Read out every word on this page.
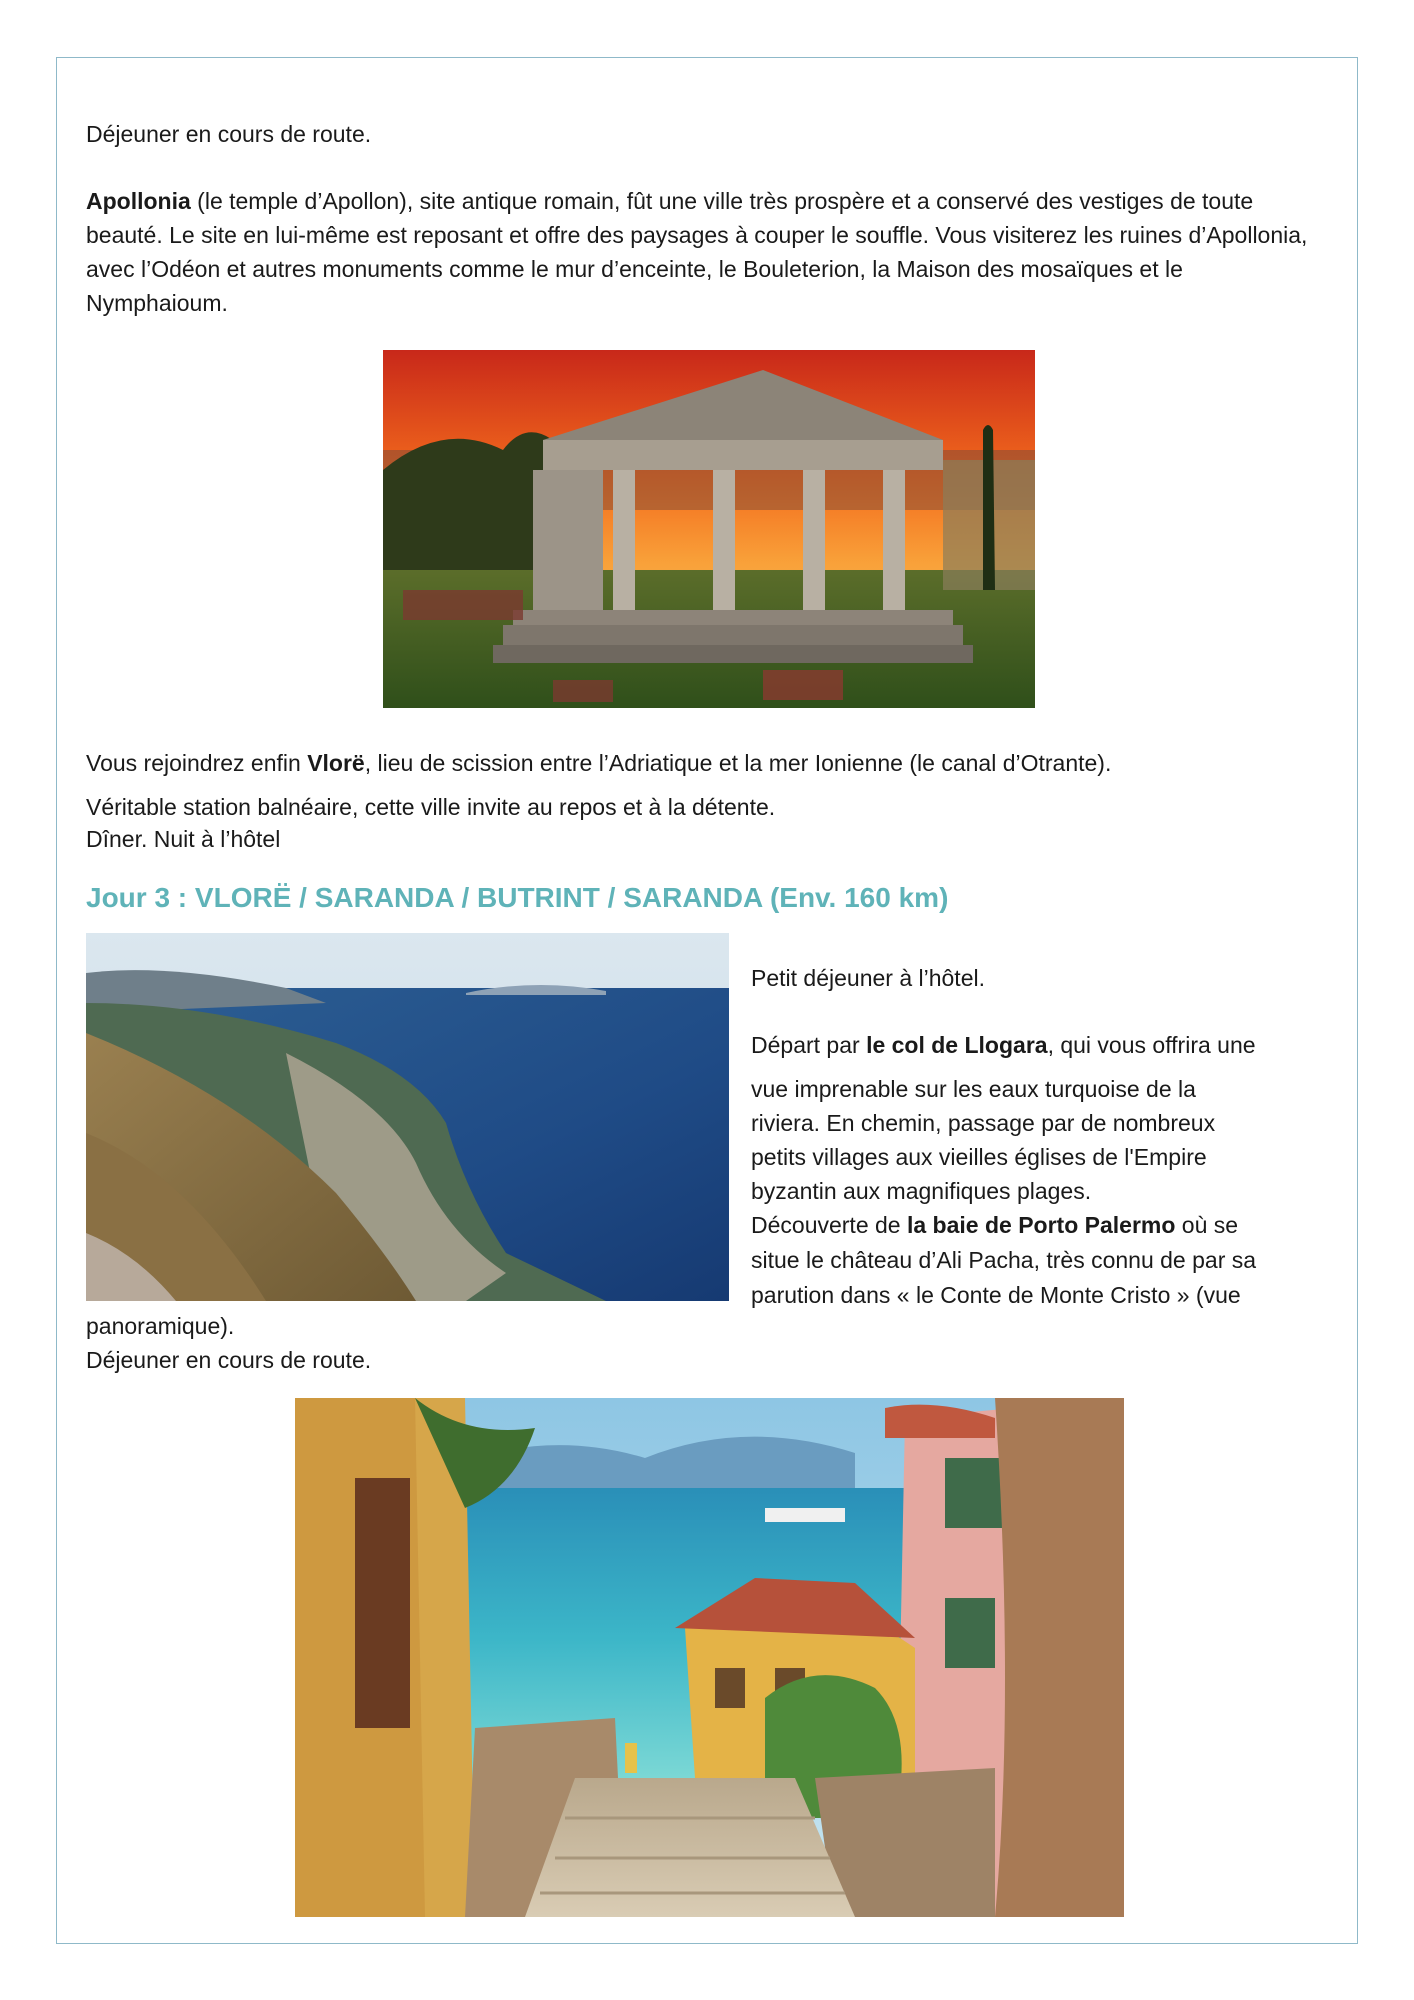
Déjeuner en cours de route.

Apollonia (le temple d’Apollon), site antique romain, fût une ville très prospère et a conservé des vestiges de toute beauté. Le site en lui-même est reposant et offre des paysages à couper le souffle. Vous visiterez les ruines d’Apollonia, avec l’Odéon et autres monuments comme le mur d’enceinte, le Bouleterion, la Maison des mosaïques et le Nymphaioum.

Vous rejoindrez enfin Vlorë, lieu de scission entre l’Adriatique et la mer Ionienne (le canal d’Otrante).

Véritable station balnéaire, cette ville invite au repos et à la détente.

Dîner. Nuit à l’hôtel

Jour 3 : VLORË / SARANDA / BUTRINT / SARANDA (Env. 160 km)

Petit déjeuner à l’hôtel.

Départ par le col de Llogara, qui vous offrira une

vue imprenable sur les eaux turquoise de la

riviera. En chemin, passage par de nombreux

petits villages aux vieilles églises de l'Empire

byzantin aux magnifiques plages.

Découverte de la baie de Porto Palermo où se

situe le château d’Ali Pacha, très connu de par sa

parution dans « le Conte de Monte Cristo » (vue

panoramique).

Déjeuner en cours de route.
